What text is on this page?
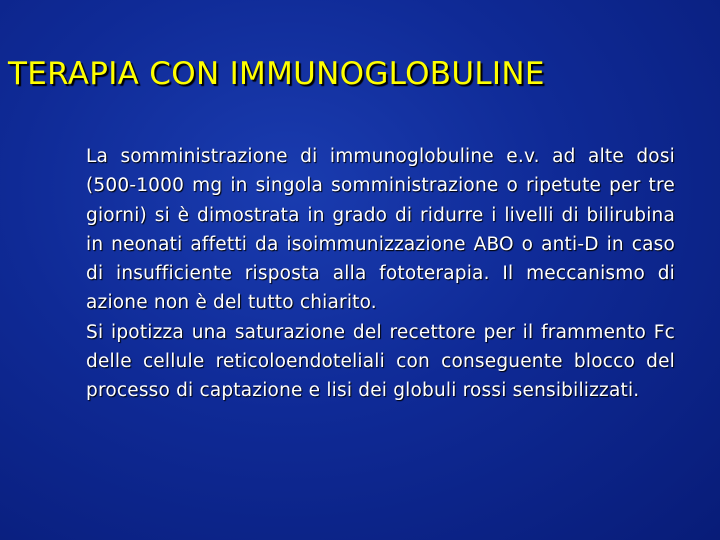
TERAPIA CON IMMUNOGLOBULINE

La somministrazione di immunoglobuline e.v. ad alte dosi (500-1000 mg in singola somministrazione o ripetute per tre giorni) si è dimostrata in grado di ridurre i livelli di bilirubina in neonati affetti da isoimmunizzazione ABO o anti-D in caso di insufficiente risposta alla fototerapia. Il meccanismo di azione non è del tutto chiarito.

Si ipotizza una saturazione del recettore per il frammento Fc delle cellule reticoloendoteliali con conseguente blocco del processo di captazione e lisi dei globuli rossi sensibilizzati.
